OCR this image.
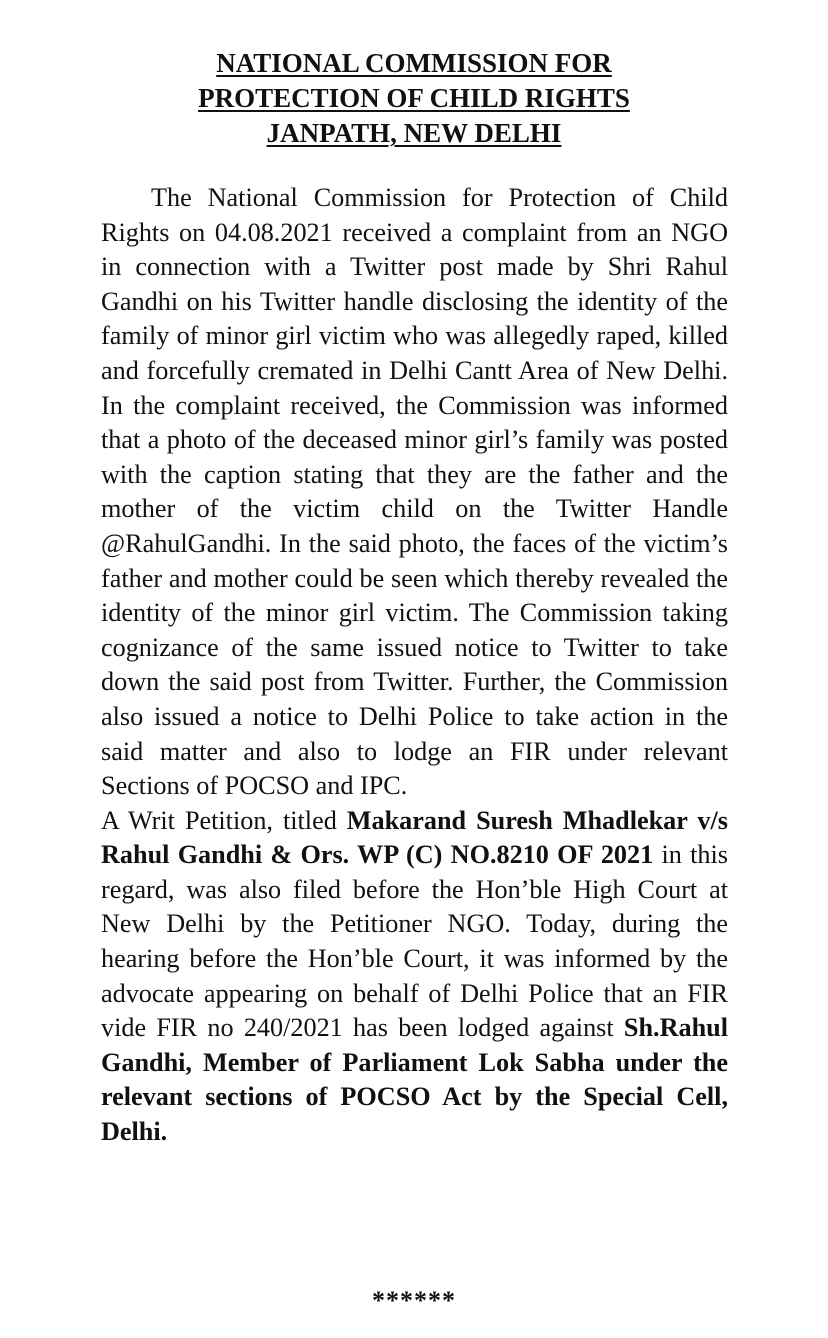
NATIONAL COMMISSION FOR
PROTECTION OF CHILD RIGHTS
JANPATH, NEW DELHI

The National Commission for Protection of Child Rights on 04.08.2021 received a complaint from an NGO in connection with a Twitter post made by Shri Rahul Gandhi on his Twitter handle disclosing the identity of the family of minor girl victim who was allegedly raped, killed and forcefully cremated in Delhi Cantt Area of New Delhi. In the complaint received, the Commission was informed that a photo of the deceased minor girl’s family was posted with the caption stating that they are the father and the mother of the victim child on the Twitter Handle @RahulGandhi. In the said photo, the faces of the victim’s father and mother could be seen which thereby revealed the identity of the minor girl victim. The Commission taking cognizance of the same issued notice to Twitter to take down the said post from Twitter. Further, the Commission also issued a notice to Delhi Police to take action in the said matter and also to lodge an FIR under relevant Sections of POCSO and IPC.

A Writ Petition, titled Makarand Suresh Mhadlekar v/s Rahul Gandhi & Ors. WP (C) NO.8210 OF 2021 in this regard, was also filed before the Hon’ble High Court at New Delhi by the Petitioner NGO. Today, during the hearing before the Hon’ble Court, it was informed by the advocate appearing on behalf of Delhi Police that an FIR vide FIR no 240/2021 has been lodged against Sh.Rahul Gandhi, Member of Parliament Lok Sabha under the relevant sections of POCSO Act by the Special Cell, Delhi.

******
